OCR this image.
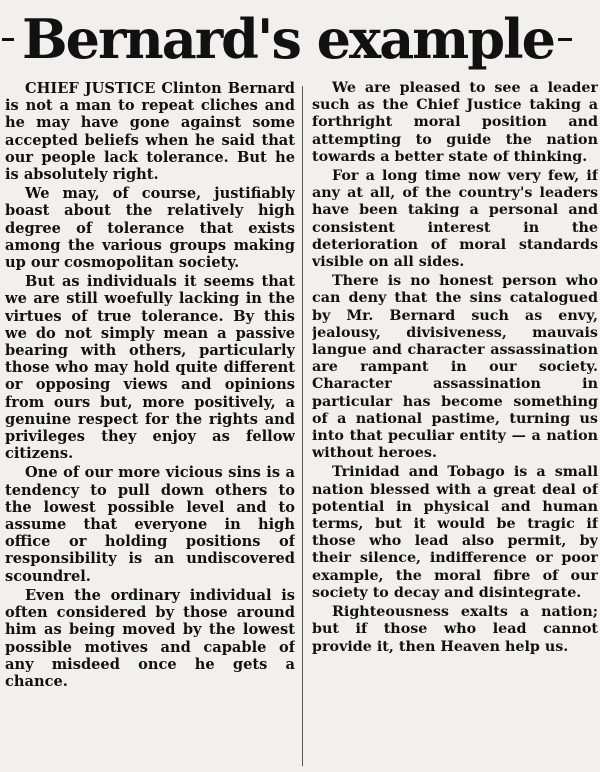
Bernard's example

CHIEF JUSTICE Clinton Bernard is not a man to repeat cliches and he may have gone against some accepted beliefs when he said that our people lack tolerance. But he is absolutely right.

We may, of course, justifiably boast about the relatively high degree of tolerance that exists among the various groups making up our cosmopolitan society.

But as individuals it seems that we are still woefully lacking in the virtues of true tolerance. By this we do not simply mean a passive bearing with others, particularly those who may hold quite different or opposing views and opinions from ours but, more positively, a genuine respect for the rights and privileges they enjoy as fellow citizens.

One of our more vicious sins is a tendency to pull down others to the lowest possible level and to assume that everyone in high office or holding positions of responsibility is an undiscovered scoundrel.

Even the ordinary individual is often considered by those around him as being moved by the lowest possible motives and capable of any misdeed once he gets a chance.

We are pleased to see a leader such as the Chief Justice taking a forthright moral position and attempting to guide the nation towards a better state of thinking.

For a long time now very few, if any at all, of the country's leaders have been taking a personal and consistent interest in the deterioration of moral standards visible on all sides.

There is no honest person who can deny that the sins catalogued by Mr. Bernard such as envy, jealousy, divisiveness, mauvais langue and character assassination are rampant in our society. Character assassination in particular has become something of a national pastime, turning us into that peculiar entity — a nation without heroes.

Trinidad and Tobago is a small nation blessed with a great deal of potential in physical and human terms, but it would be tragic if those who lead also permit, by their silence, indifference or poor example, the moral fibre of our society to decay and disintegrate.

Righteousness exalts a nation; but if those who lead cannot provide it, then Heaven help us.
